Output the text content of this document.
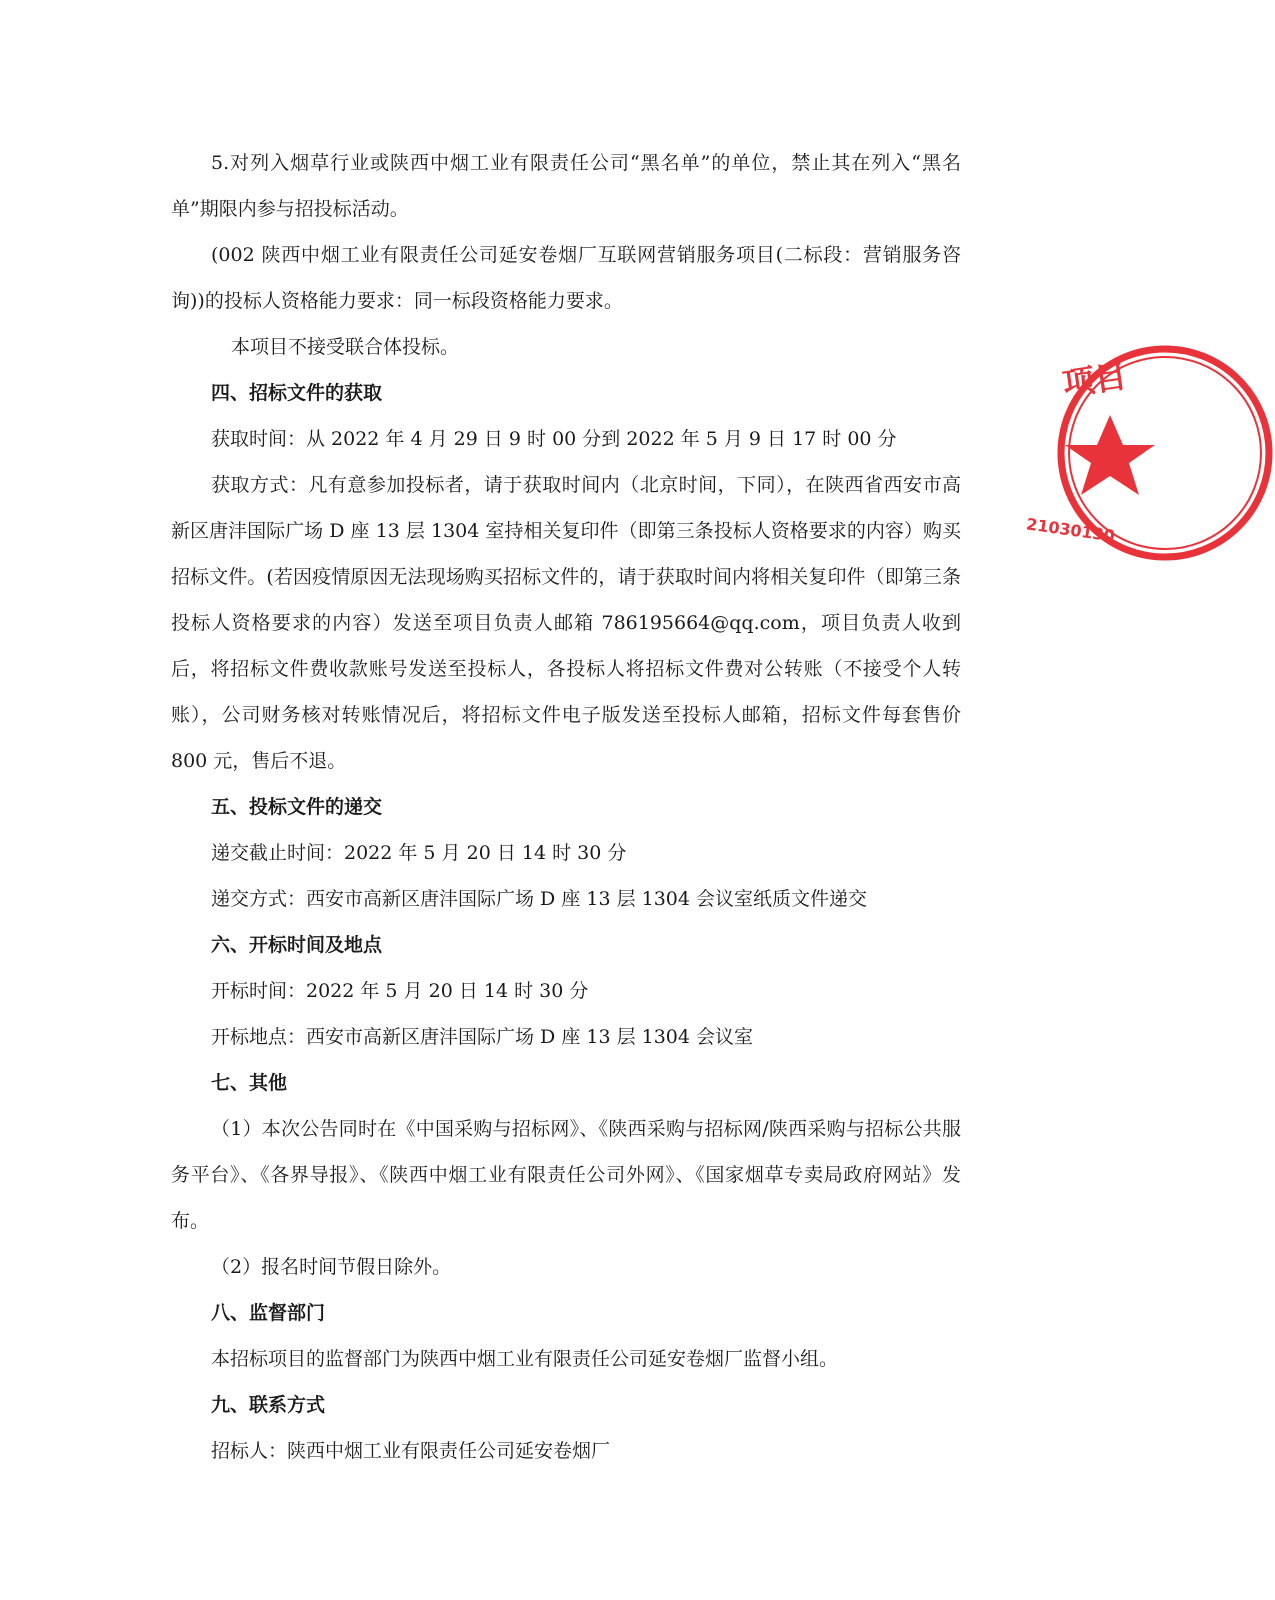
5.对列入烟草行业或陕西中烟工业有限责任公司“黑名单”的单位，禁止其在列入“黑名单”期限内参与招投标活动。

(002 陕西中烟工业有限责任公司延安卷烟厂互联网营销服务项目(二标段：营销服务咨询))的投标人资格能力要求：同一标段资格能力要求。

本项目不接受联合体投标。

四、招标文件的获取

获取时间：从 2022 年 4 月 29 日 9 时 00 分到 2022 年 5 月 9 日 17 时 00 分

获取方式：凡有意参加投标者，请于获取时间内（北京时间，下同），在陕西省西安市高新区唐沣国际广场 D 座 13 层 1304 室持相关复印件（即第三条投标人资格要求的内容）购买招标文件。(若因疫情原因无法现场购买招标文件的，请于获取时间内将相关复印件（即第三条投标人资格要求的内容）发送至项目负责人邮箱 786195664@qq.com，项目负责人收到后，将招标文件费收款账号发送至投标人，各投标人将招标文件费对公转账（不接受个人转账），公司财务核对转账情况后，将招标文件电子版发送至投标人邮箱，招标文件每套售价 800 元，售后不退。

五、投标文件的递交

递交截止时间：2022 年 5 月 20 日 14 时 30 分

递交方式：西安市高新区唐沣国际广场 D 座 13 层 1304 会议室纸质文件递交

六、开标时间及地点

开标时间：2022 年 5 月 20 日 14 时 30 分

开标地点：西安市高新区唐沣国际广场 D 座 13 层 1304 会议室

七、其他

（1）本次公告同时在《中国采购与招标网》、《陕西采购与招标网/陕西采购与招标公共服务平台》、《各界导报》、《陕西中烟工业有限责任公司外网》、《国家烟草专卖局政府网站》发布。

（2）报名时间节假日除外。

八、监督部门

本招标项目的监督部门为陕西中烟工业有限责任公司延安卷烟厂监督小组。

九、联系方式

招标人：陕西中烟工业有限责任公司延安卷烟厂

项目
21030130
